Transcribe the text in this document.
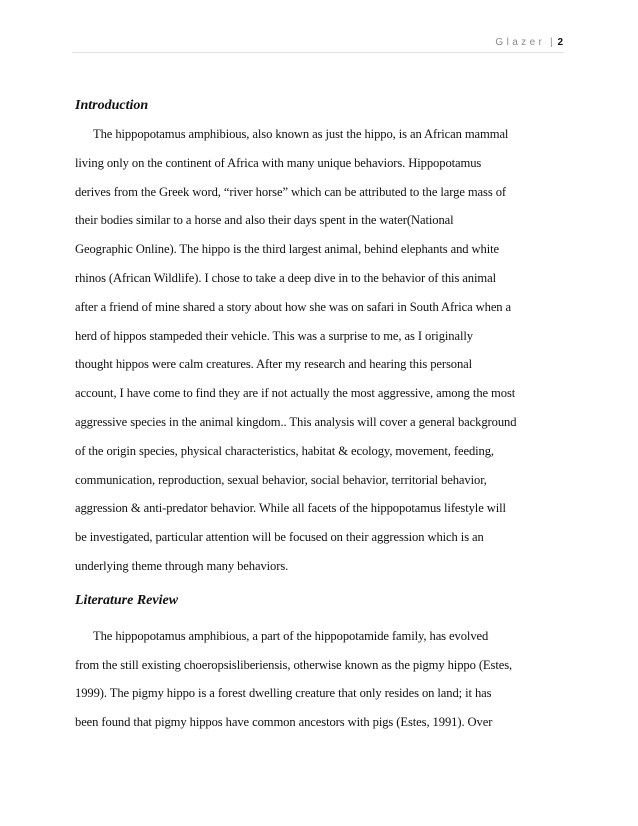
Glazer | 2

Introduction

The hippopotamus amphibious, also known as just the hippo, is an African mammal

living only on the continent of Africa with many unique behaviors. Hippopotamus

derives from the Greek word, “river horse” which can be attributed to the large mass of

their bodies similar to a horse and also their days spent in the water(National

Geographic Online). The hippo is the third largest animal, behind elephants and white

rhinos (African Wildlife). I chose to take a deep dive in to the behavior of this animal

after a friend of mine shared a story about how she was on safari in South Africa when a

herd of hippos stampeded their vehicle. This was a surprise to me, as I originally

thought hippos were calm creatures. After my research and hearing this personal

account, I have come to find they are if not actually the most aggressive, among the most

aggressive species in the animal kingdom.. This analysis will cover a general background

of the origin species, physical characteristics, habitat & ecology, movement, feeding,

communication, reproduction, sexual behavior, social behavior, territorial behavior,

aggression & anti-predator behavior. While all facets of the hippopotamus lifestyle will

be investigated, particular attention will be focused on their aggression which is an

underlying theme through many behaviors.

Literature Review

The hippopotamus amphibious, a part of the hippopotamide family, has evolved

from the still existing choeropsisliberiensis, otherwise known as the pigmy hippo (Estes,

1999). The pigmy hippo is a forest dwelling creature that only resides on land; it has

been found that pigmy hippos have common ancestors with pigs (Estes, 1991). Over
